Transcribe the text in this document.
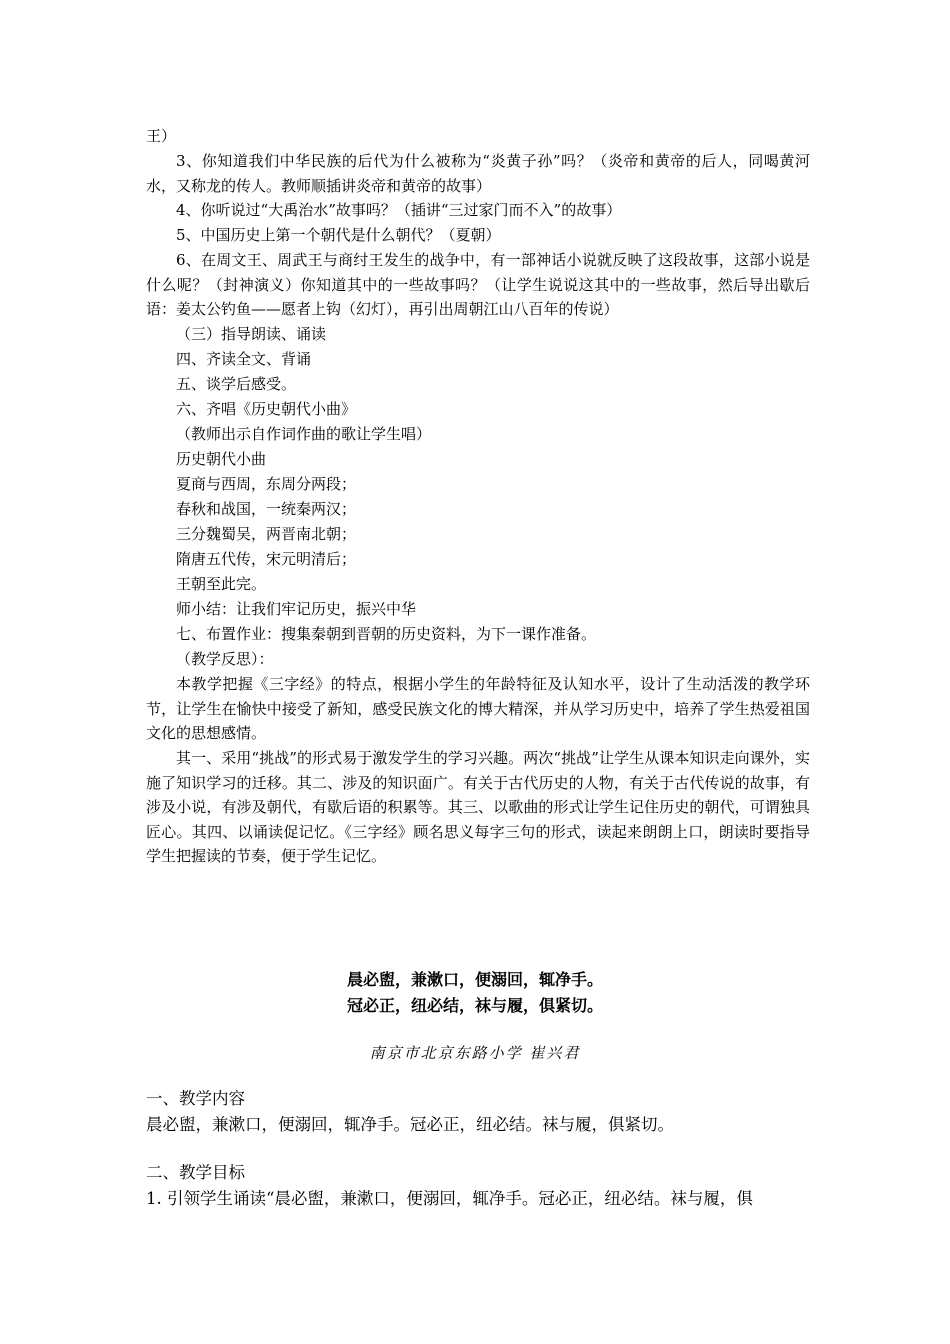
王）
3、你知道我们中华民族的后代为什么被称为“炎黄子孙”吗？（炎帝和黄帝的后人，同喝黄河水，又称龙的传人。教师顺插讲炎帝和黄帝的故事）
4、你听说过“大禹治水”故事吗？（插讲“三过家门而不入”的故事）
5、中国历史上第一个朝代是什么朝代？（夏朝）
6、在周文王、周武王与商纣王发生的战争中，有一部神话小说就反映了这段故事，这部小说是什么呢？（封神演义）你知道其中的一些故事吗？（让学生说说这其中的一些故事，然后导出歇后语：姜太公钓鱼——愿者上钩（幻灯），再引出周朝江山八百年的传说）
（三）指导朗读、诵读
四、齐读全文、背诵
五、谈学后感受。
六、齐唱《历史朝代小曲》
（教师出示自作词作曲的歌让学生唱）
历史朝代小曲
夏商与西周，东周分两段；
春秋和战国，一统秦两汉；
三分魏蜀吴，两晋南北朝；
隋唐五代传，宋元明清后；
王朝至此完。
师小结：让我们牢记历史，振兴中华
七、布置作业：搜集秦朝到晋朝的历史资料，为下一课作准备。
（教学反思）：
本教学把握《三字经》的特点，根据小学生的年龄特征及认知水平，设计了生动活泼的教学环节，让学生在愉快中接受了新知，感受民族文化的博大精深，并从学习历史中，培养了学生热爱祖国文化的思想感情。
其一、采用“挑战”的形式易于激发学生的学习兴趣。两次“挑战”让学生从课本知识走向课外，实施了知识学习的迁移。其二、涉及的知识面广。有关于古代历史的人物，有关于古代传说的故事，有涉及小说，有涉及朝代，有歇后语的积累等。其三、以歌曲的形式让学生记住历史的朝代，可谓独具匠心。其四、以诵读促记忆。《三字经》顾名思义每字三句的形式，读起来朗朗上口，朗读时要指导学生把握读的节奏，便于学生记忆。
晨必盥，兼漱口，便溺回，辄净手。
冠必正，纽必结，袜与履，俱紧切。
南京市北京东路小学 崔兴君
一、教学内容
晨必盥，兼漱口，便溺回，辄净手。冠必正，纽必结。袜与履，俱紧切。
二、教学目标
1. 引领学生诵读“晨必盥，兼漱口，便溺回，辄净手。冠必正，纽必结。袜与履，俱
